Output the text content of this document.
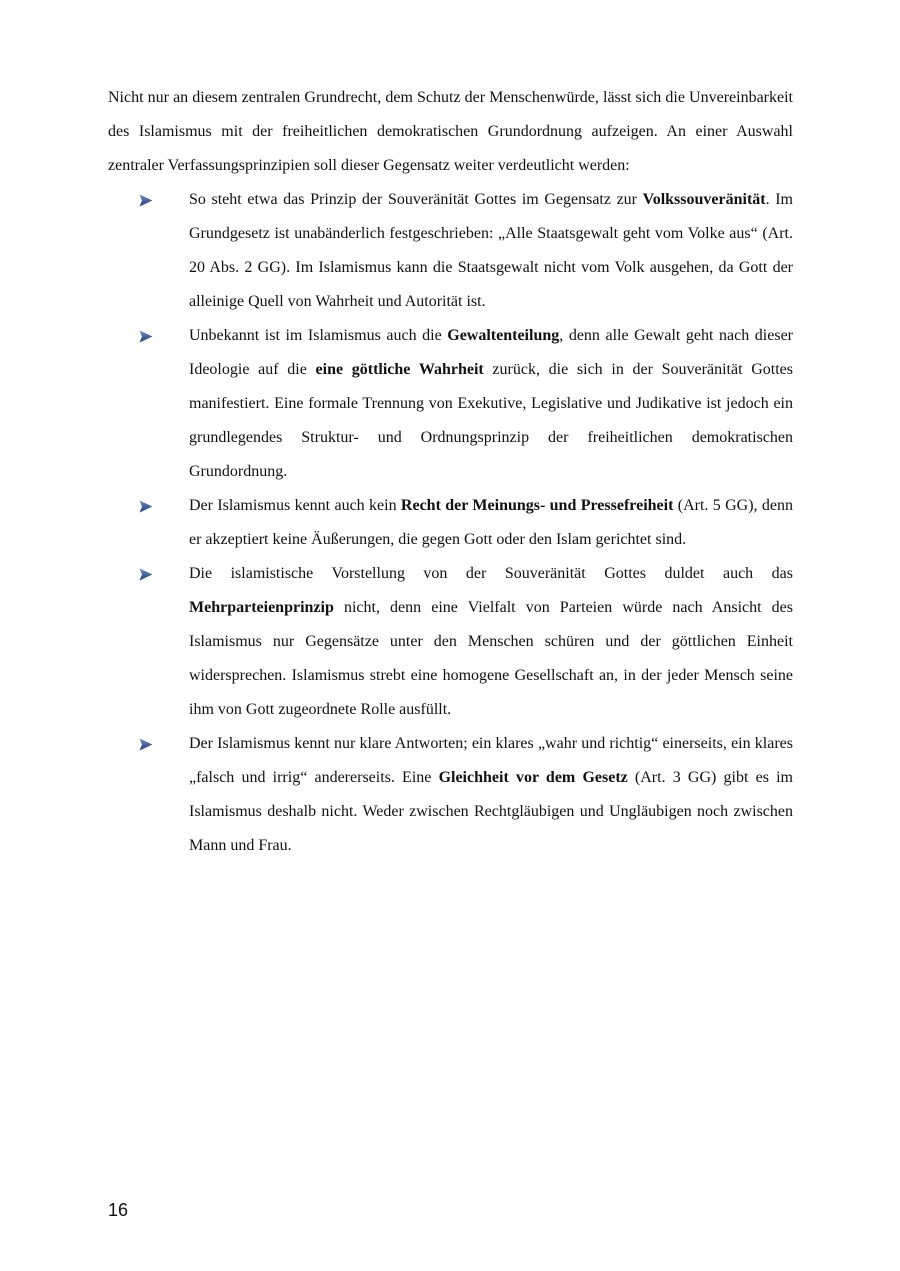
Nicht nur an diesem zentralen Grundrecht, dem Schutz der Menschenwürde, lässt sich die Unvereinbarkeit des Islamismus mit der freiheitlichen demokratischen Grundordnung aufzeigen. An einer Auswahl zentraler Verfassungsprinzipien soll dieser Gegensatz weiter verdeutlicht werden:

So steht etwa das Prinzip der Souveränität Gottes im Gegensatz zur Volkssouveränität. Im Grundgesetz ist unabänderlich festgeschrieben: „Alle Staatsgewalt geht vom Volke aus“ (Art. 20 Abs. 2 GG). Im Islamismus kann die Staatsgewalt nicht vom Volk ausgehen, da Gott der alleinige Quell von Wahrheit und Autorität ist.
Unbekannt ist im Islamismus auch die Gewaltenteilung, denn alle Gewalt geht nach dieser Ideologie auf die eine göttliche Wahrheit zurück, die sich in der Souveränität Gottes manifestiert. Eine formale Trennung von Exekutive, Legislative und Judikative ist jedoch ein grundlegendes Struktur- und Ordnungsprinzip der freiheitlichen demokratischen Grundordnung.
Der Islamismus kennt auch kein Recht der Meinungs- und Pressefreiheit (Art. 5 GG), denn er akzeptiert keine Äußerungen, die gegen Gott oder den Islam gerichtet sind.
Die islamistische Vorstellung von der Souveränität Gottes duldet auch das Mehrparteienprinzip nicht, denn eine Vielfalt von Parteien würde nach Ansicht des Islamismus nur Gegensätze unter den Menschen schüren und der göttlichen Einheit widersprechen. Islamismus strebt eine homogene Gesellschaft an, in der jeder Mensch seine ihm von Gott zugeordnete Rolle ausfüllt.
Der Islamismus kennt nur klare Antworten; ein klares „wahr und richtig“ einerseits, ein klares „falsch und irrig“ andererseits. Eine Gleichheit vor dem Gesetz (Art. 3 GG) gibt es im Islamismus deshalb nicht. Weder zwischen Rechtgläubigen und Ungläubigen noch zwischen Mann und Frau.
16
